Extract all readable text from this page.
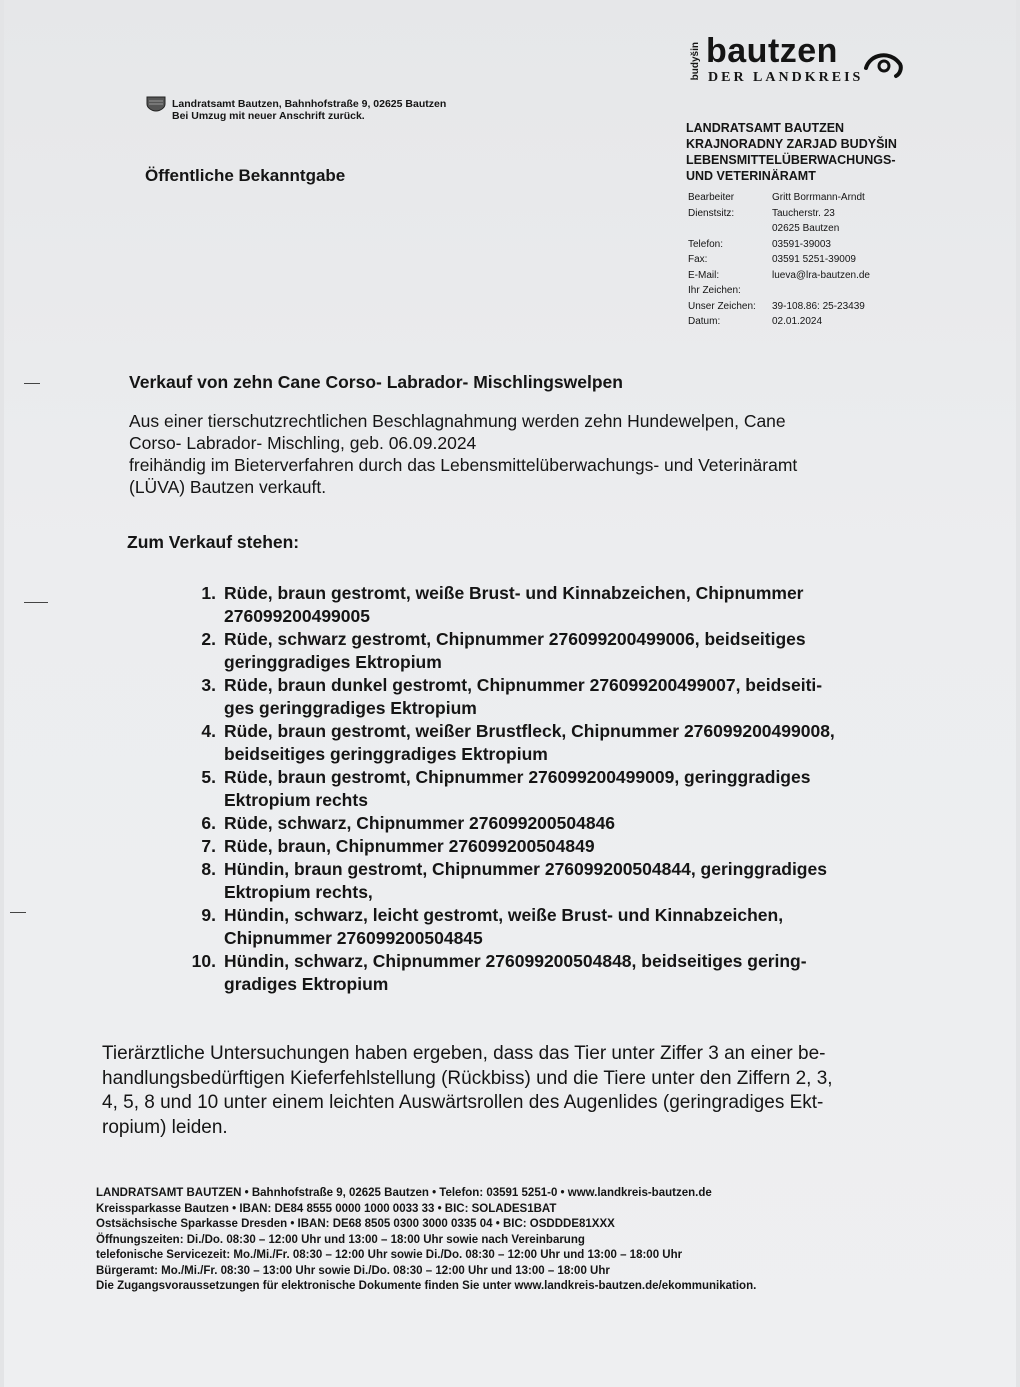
budyšin bautzen
DER LANDKREIS
Landratsamt Bautzen, Bahnhofstraße 9, 02625 Bautzen
Bei Umzug mit neuer Anschrift zurück.
LANDRATSAMT BAUTZEN
KRAJNORADNY ZARJAD BUDYŠIN
LEBENSMITTELÜBERWACHUNGS-
UND VETERINÄRAMT
Bearbeiter	Gritt Borrmann-Arndt
Dienstsitz:	Taucherstr. 23
02625 Bautzen
Telefon:	03591-39003
Fax:	03591 5251-39009
E-Mail:	lueva@lra-bautzen.de
Ihr Zeichen:
Unser Zeichen:	39-108.86: 25-23439
Datum:	02.01.2024
Öffentliche Bekanntgabe
Verkauf von zehn Cane Corso- Labrador- Mischlingswelpen
Aus einer tierschutzrechtlichen Beschlagnahmung werden zehn Hundewelpen, Cane
Corso- Labrador- Mischling, geb. 06.09.2024
freihändig im Bieterverfahren durch das Lebensmittelüberwachungs- und Veterinäramt
(LÜVA) Bautzen verkauft.
Zum Verkauf stehen:
1. Rüde, braun gestromt, weiße Brust- und Kinnabzeichen, Chipnummer
276099200499005
2. Rüde, schwarz gestromt, Chipnummer 276099200499006, beidseitiges
geringgradiges Ektropium
3. Rüde, braun dunkel gestromt, Chipnummer 276099200499007, beidseiti-
ges geringgradiges Ektropium
4. Rüde, braun gestromt, weißer Brustfleck, Chipnummer 276099200499008,
beidseitiges geringgradiges Ektropium
5. Rüde, braun gestromt, Chipnummer 276099200499009, geringgradiges
Ektropium rechts
6. Rüde, schwarz, Chipnummer 276099200504846
7. Rüde, braun, Chipnummer 276099200504849
8. Hündin, braun gestromt, Chipnummer 276099200504844, geringgradiges
Ektropium rechts,
9. Hündin, schwarz, leicht gestromt, weiße Brust- und Kinnabzeichen,
Chipnummer 276099200504845
10. Hündin, schwarz, Chipnummer 276099200504848, beidseitiges gering-
gradiges Ektropium
Tierärztliche Untersuchungen haben ergeben, dass das Tier unter Ziffer 3 an einer be-
handlungsbedürftigen Kieferfehlstellung (Rückbiss) und die Tiere unter den Ziffern 2, 3,
4, 5, 8 und 10 unter einem leichten Auswärtsrollen des Augenlides (geringradiges Ekt-
ropium) leiden.
LANDRATSAMT BAUTZEN • Bahnhofstraße 9, 02625 Bautzen • Telefon: 03591 5251-0 • www.landkreis-bautzen.de
Kreissparkasse Bautzen • IBAN: DE84 8555 0000 1000 0033 33 • BIC: SOLADES1BAT
Ostsächsische Sparkasse Dresden • IBAN: DE68 8505 0300 3000 0335 04 • BIC: OSDDDE81XXX
Öffnungszeiten: Di./Do. 08:30 – 12:00 Uhr und 13:00 – 18:00 Uhr sowie nach Vereinbarung
telefonische Servicezeit: Mo./Mi./Fr. 08:30 – 12:00 Uhr sowie Di./Do. 08:30 – 12:00 Uhr und 13:00 – 18:00 Uhr
Bürgeramt: Mo./Mi./Fr. 08:30 – 13:00 Uhr sowie Di./Do. 08:30 – 12:00 Uhr und 13:00 – 18:00 Uhr
Die Zugangsvoraussetzungen für elektronische Dokumente finden Sie unter www.landkreis-bautzen.de/ekommunikation.
